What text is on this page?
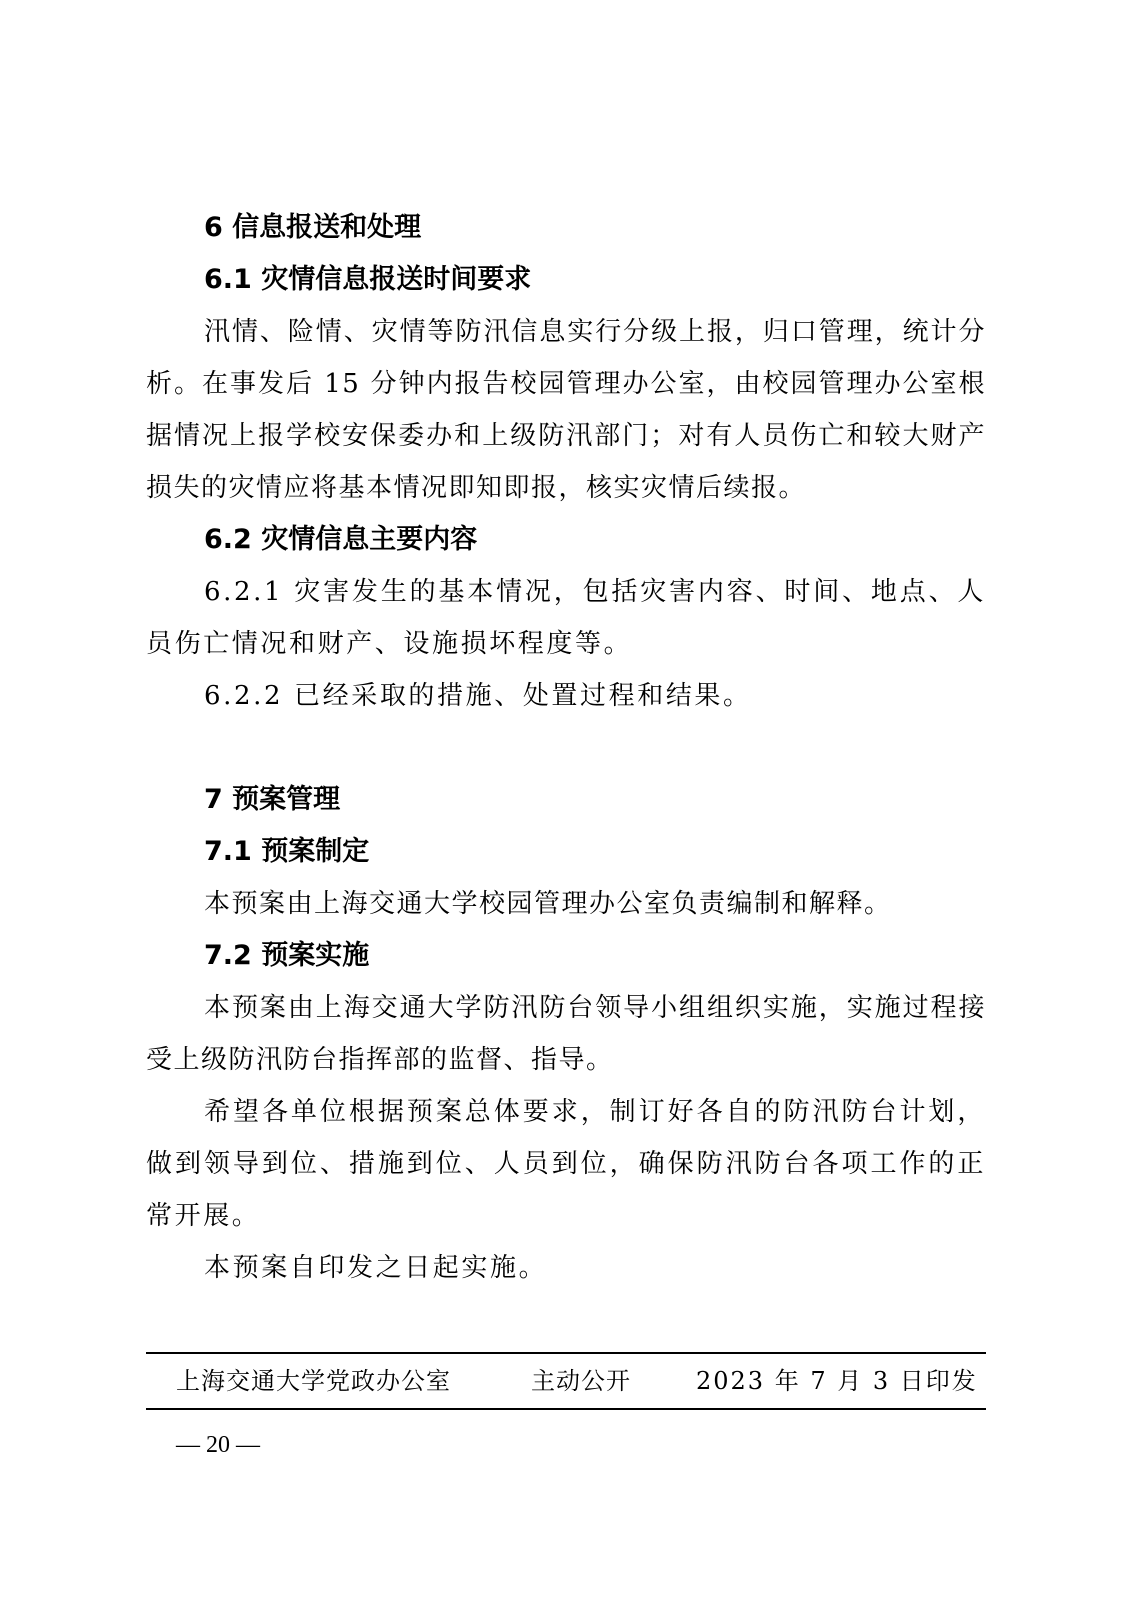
6 信息报送和处理
6.1 灾情信息报送时间要求

汛情、险情、灾情等防汛信息实行分级上报，归口管理，统计分析。在事发后 15 分钟内报告校园管理办公室，由校园管理办公室根据情况上报学校安保委办和上级防汛部门；对有人员伤亡和较大财产损失的灾情应将基本情况即知即报，核实灾情后续报。

6.2 灾情信息主要内容

6.2.1 灾害发生的基本情况，包括灾害内容、时间、地点、人员伤亡情况和财产、设施损坏程度等。

6.2.2 已经采取的措施、处置过程和结果。

7 预案管理
7.1 预案制定

本预案由上海交通大学校园管理办公室负责编制和解释。

7.2 预案实施

本预案由上海交通大学防汛防台领导小组组织实施，实施过程接受上级防汛防台指挥部的监督、指导。

希望各单位根据预案总体要求，制订好各自的防汛防台计划，做到领导到位、措施到位、人员到位，确保防汛防台各项工作的正常开展。

本预案自印发之日起实施。

上海交通大学党政办公室	主动公开	2023 年 7 月 3 日印发
— 20 —
